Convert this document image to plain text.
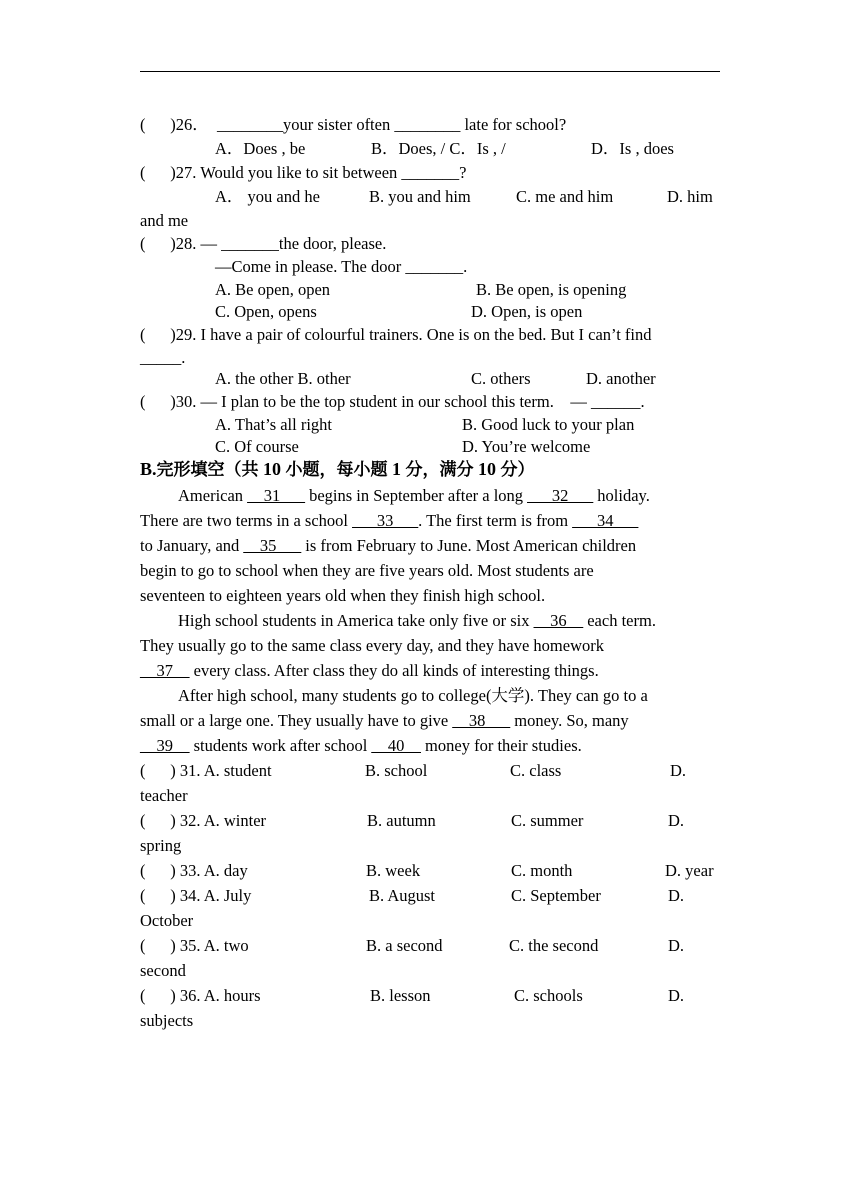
(      )26．  ________your sister often ________ late for school?
A．Does , be	B．Does, / C．Is , /	D．Is , does
(      )27. Would you like to sit between _______?
A． you and he	B. you and him	C. me and him	D. him
and me
(      )28. — _______the door, please.
—Come in please. The door _______.
A. Be open, open	B. Be open, is opening
C. Open, opens	D. Open, is open
(      )29. I have a pair of colourful trainers. One is on the bed. But I can’t find
_____.
A. the other B. other	C. others	D. another
(      )30. — I plan to be the top student in our school this term.    — ______.
A. That’s all right	B. Good luck to your plan
C. Of course	D. You’re welcome
B.完形填空（共 10 小题，每小题 1 分，满分 10 分）
American __31___ begins in September after a long ___32___ holiday.
There are two terms in a school ___33___. The first term is from ___34___
to January, and __35___ is from February to June. Most American children
begin to go to school when they are five years old. Most students are
seventeen to eighteen years old when they finish high school.
High school students in America take only five or six __36__ each term.
They usually go to the same class every day, and they have homework
__37__ every class. After class they do all kinds of interesting things.
After high school, many students go to college(大学). They can go to a
small or a large one. They usually have to give __38___ money. So, many
__39__ students work after school __40__ money for their studies.
(      ) 31. A. student	B. school	C. class	D.
teacher
(      ) 32. A. winter	B. autumn	C. summer	D.
spring
(      ) 33. A. day	B. week	C. month	D. year
(      ) 34. A. July	B. August	C. September	D.
October
(      ) 35. A. two	B. a second	C. the second	D.
second
(      ) 36. A. hours	B. lesson	C. schools	D.
subjects
